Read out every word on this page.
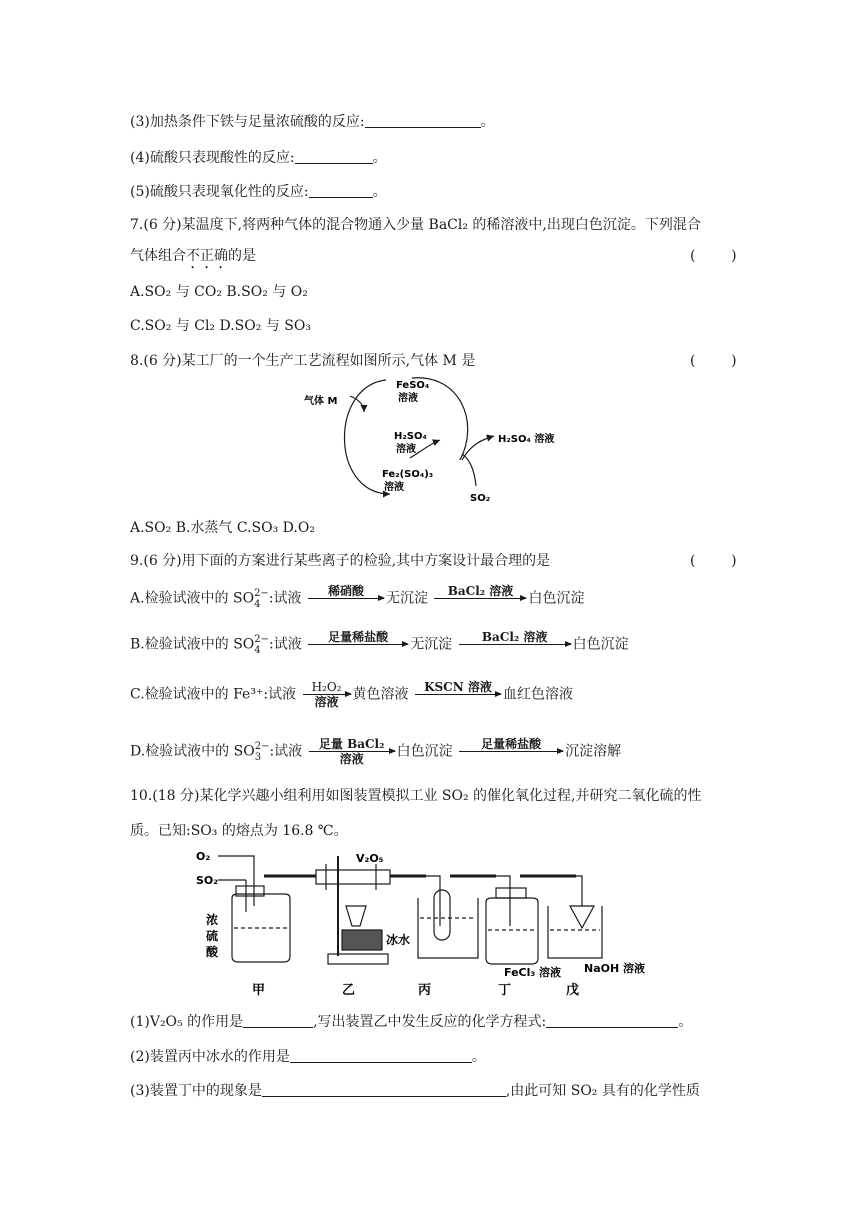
(3)加热条件下铁与足量浓硫酸的反应:	。
(4)硫酸只表现酸性的反应:	。
(5)硫酸只表现氧化性的反应:	。
7.(6 分)某温度下,将两种气体的混合物通入少量 BaCl₂ 的稀溶液中,出现白色沉淀。下列混合
气体组合不正确的是	(        )
A.SO₂ 与 CO₂ B.SO₂ 与 O₂
C.SO₂ 与 Cl₂ D.SO₂ 与 SO₃
8.(6 分)某工厂的一个生产工艺流程如图所示,气体 M 是	(        )
气体 M
FeSO₄
溶液
H₂SO₄
溶液
Fe₂(SO₄)₃
溶液
H₂SO₄ 溶液
SO₂
A.SO₂ B.水蒸气 C.SO₃ D.O₂
9.(6 分)用下面的方案进行某些离子的检验,其中方案设计最合理的是	(        )
A.检验试液中的 SO 2−
4 :试液	稀硝酸	无沉淀	BaCl₂ 溶液	白色沉淀
B.检验试液中的 SO 2−
4 :试液	足量稀盐酸	无沉淀	BaCl₂ 溶液	白色沉淀
C.检验试液中的 Fe³⁺:试液	H₂O₂
溶液	黄色溶液	KSCN 溶液 血红色溶液
D.检验试液中的 SO 2−
3 :试液	足量 BaCl₂
溶液	白色沉淀	足量稀盐酸	沉淀溶解
10.(18 分)某化学兴趣小组利用如图装置模拟工业 SO₂ 的催化氧化过程,并研究二氧化硫的性
质。已知:SO₃ 的熔点为 16.8 ℃。
O₂
SO₂
V₂O₅
浓
硫
酸
冰水
FeCl₃ 溶液 NaOH 溶液
甲	乙	丙	丁	戊
(1)V₂O₅ 的作用是	,写出装置乙中发生反应的化学方程式:	。
(2)装置丙中冰水的作用是	。
(3)装置丁中的现象是	,由此可知 SO₂ 具有的化学性质
